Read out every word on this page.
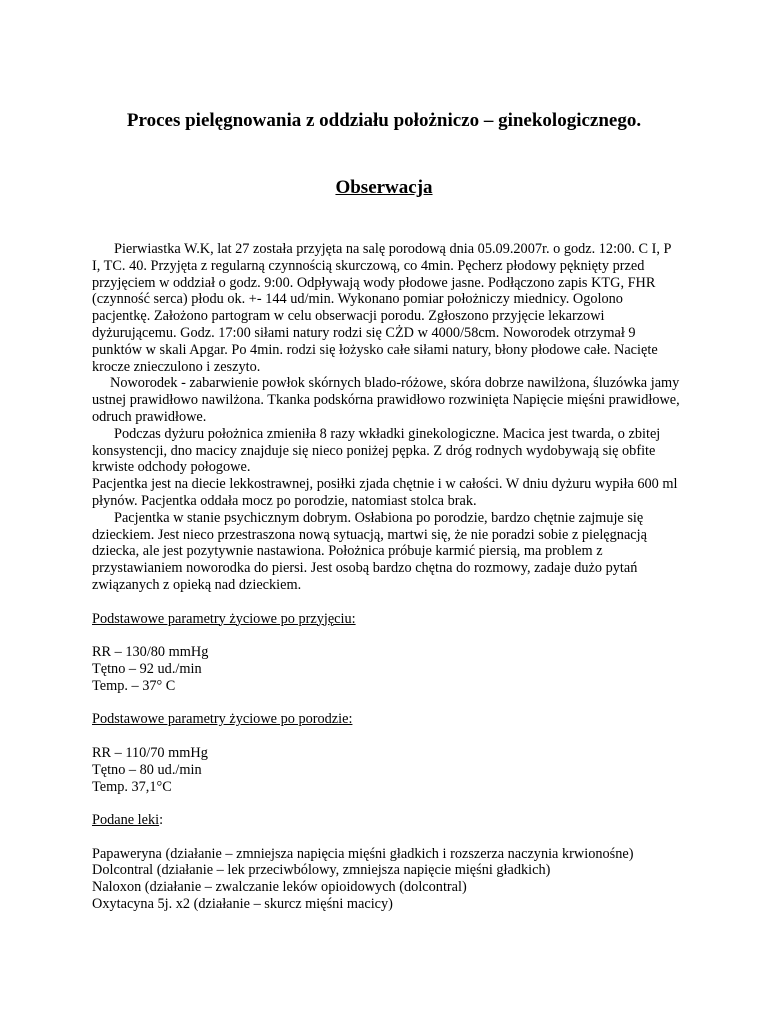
Proces pielęgnowania z oddziału położniczo – ginekologicznego.
Obserwacja

Pierwiastka W.K, lat 27 została przyjęta na salę porodową dnia 05.09.2007r. o godz. 12:00. C I, P I, TC. 40. Przyjęta z regularną czynnością skurczową, co 4min. Pęcherz płodowy pęknięty przed przyjęciem w oddział o godz. 9:00. Odpływają wody płodowe jasne. Podłączono zapis KTG, FHR (czynność serca) płodu ok. +- 144 ud/min. Wykonano pomiar położniczy miednicy. Ogolono pacjentkę. Założono partogram w celu obserwacji porodu. Zgłoszono przyjęcie lekarzowi dyżurującemu. Godz. 17:00 siłami natury rodzi się CŻD w 4000/58cm. Noworodek otrzymał 9 punktów w skali Apgar. Po 4min. rodzi się łożysko całe siłami natury, błony płodowe całe. Nacięte krocze znieczulono i zeszyto.

Noworodek - zabarwienie powłok skórnych blado-różowe, skóra dobrze nawilżona, śluzówka jamy ustnej prawidłowo nawilżona. Tkanka podskórna prawidłowo rozwinięta Napięcie mięśni prawidłowe, odruch prawidłowe.

Podczas dyżuru położnica zmieniła 8 razy wkładki ginekologiczne. Macica jest twarda, o zbitej konsystencji, dno macicy znajduje się nieco poniżej pępka. Z dróg rodnych wydobywają się obfite krwiste odchody połogowe.

Pacjentka jest na diecie lekkostrawnej, posiłki zjada chętnie i w całości. W dniu dyżuru wypiła 600 ml płynów. Pacjentka oddała mocz po porodzie, natomiast stolca brak.

Pacjentka w stanie psychicznym dobrym. Osłabiona po porodzie, bardzo chętnie zajmuje się dzieckiem. Jest nieco przestraszona nową sytuacją, martwi się, że nie poradzi sobie z pielęgnacją dziecka, ale jest pozytywnie nastawiona. Położnica próbuje karmić piersią, ma problem z przystawianiem noworodka do piersi. Jest osobą bardzo chętna do rozmowy, zadaje dużo pytań związanych z opieką nad dzieckiem.

Podstawowe parametry życiowe po przyjęciu:

RR – 130/80 mmHg

Tętno – 92 ud./min

Temp. – 37° C

Podstawowe parametry życiowe po porodzie:

RR – 110/70 mmHg

Tętno – 80 ud./min

Temp. 37,1°C

Podane leki:

Papaweryna (działanie – zmniejsza napięcia mięśni gładkich i rozszerza naczynia krwionośne)

Dolcontral (działanie – lek przeciwbólowy, zmniejsza napięcie mięśni gładkich)

Naloxon (działanie – zwalczanie leków opioidowych (dolcontral)

Oxytacyna 5j. x2 (działanie – skurcz mięśni macicy)
